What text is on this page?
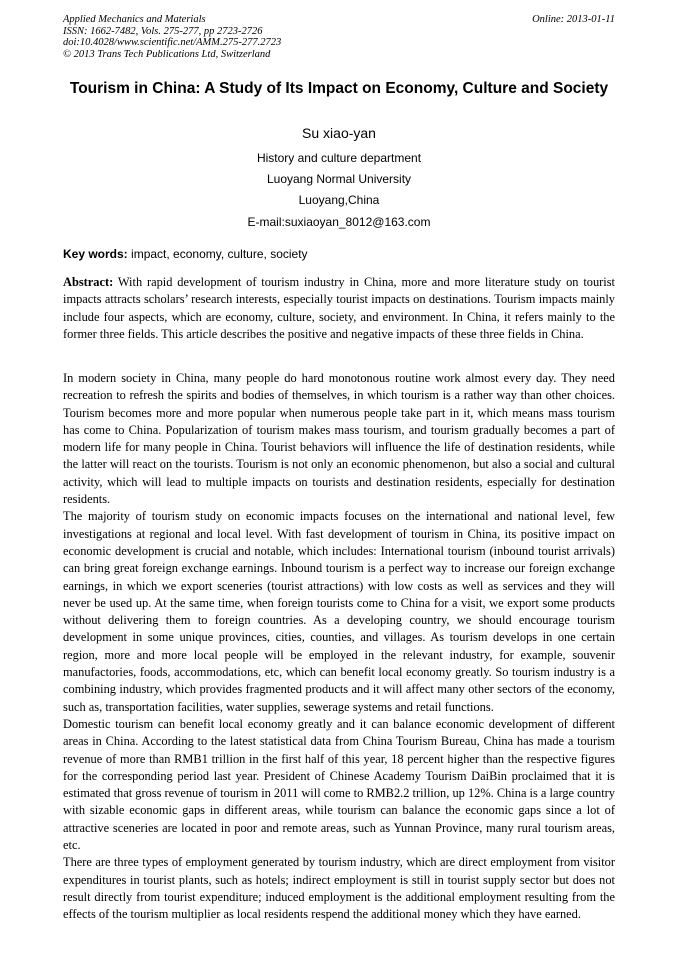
Applied Mechanics and Materials
ISSN: 1662-7482, Vols. 275-277, pp 2723-2726
doi:10.4028/www.scientific.net/AMM.275-277.2723
© 2013 Trans Tech Publications Ltd, Switzerland
Online: 2013-01-11
Tourism in China: A Study of Its Impact on Economy, Culture and Society
Su xiao-yan
History and culture department
Luoyang Normal University
Luoyang,China
E-mail:suxiaoyan_8012@163.com
Key words: impact, economy, culture, society
Abstract: With rapid development of tourism industry in China, more and more literature study on tourist impacts attracts scholars’ research interests, especially tourist impacts on destinations. Tourism impacts mainly include four aspects, which are economy, culture, society, and environment. In China, it refers mainly to the former three fields. This article describes the positive and negative impacts of these three fields in China.

In modern society in China, many people do hard monotonous routine work almost every day. They need recreation to refresh the spirits and bodies of themselves, in which tourism is a rather way than other choices. Tourism becomes more and more popular when numerous people take part in it, which means mass tourism has come to China. Popularization of tourism makes mass tourism, and tourism gradually becomes a part of modern life for many people in China. Tourist behaviors will influence the life of destination residents, while the latter will react on the tourists. Tourism is not only an economic phenomenon, but also a social and cultural activity, which will lead to multiple impacts on tourists and destination residents, especially for destination residents.

The majority of tourism study on economic impacts focuses on the international and national level, few investigations at regional and local level. With fast development of tourism in China, its positive impact on economic development is crucial and notable, which includes: International tourism (inbound tourist arrivals) can bring great foreign exchange earnings. Inbound tourism is a perfect way to increase our foreign exchange earnings, in which we export sceneries (tourist attractions) with low costs as well as services and they will never be used up. At the same time, when foreign tourists come to China for a visit, we export some products without delivering them to foreign countries. As a developing country, we should encourage tourism development in some unique provinces, cities, counties, and villages. As tourism develops in one certain region, more and more local people will be employed in the relevant industry, for example, souvenir manufactories, foods, accommodations, etc, which can benefit local economy greatly. So tourism industry is a combining industry, which provides fragmented products and it will affect many other sectors of the economy, such as, transportation facilities, water supplies, sewerage systems and retail functions.

Domestic tourism can benefit local economy greatly and it can balance economic development of different areas in China. According to the latest statistical data from China Tourism Bureau, China has made a tourism revenue of more than RMB1 trillion in the first half of this year, 18 percent higher than the respective figures for the corresponding period last year. President of Chinese Academy Tourism DaiBin proclaimed that it is estimated that gross revenue of tourism in 2011 will come to RMB2.2 trillion, up 12%. China is a large country with sizable economic gaps in different areas, while tourism can balance the economic gaps since a lot of attractive sceneries are located in poor and remote areas, such as Yunnan Province, many rural tourism areas, etc.

There are three types of employment generated by tourism industry, which are direct employment from visitor expenditures in tourist plants, such as hotels; indirect employment is still in tourist supply sector but does not result directly from tourist expenditure; induced employment is the additional employment resulting from the effects of the tourism multiplier as local residents respend the additional money which they have earned.
